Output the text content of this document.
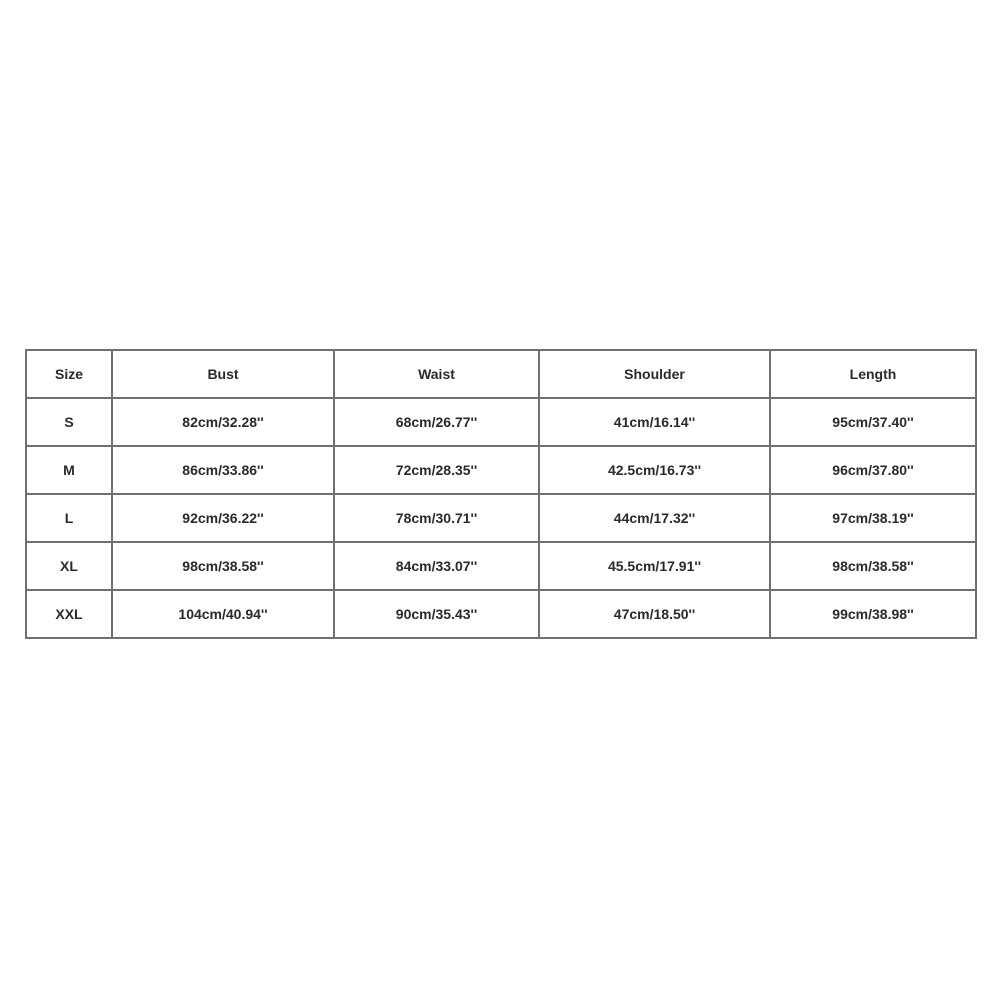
Size	Bust	Waist	Shoulder	Length
S	82cm/32.28''	68cm/26.77''	41cm/16.14''	95cm/37.40''
M	86cm/33.86''	72cm/28.35''	42.5cm/16.73''	96cm/37.80''
L	92cm/36.22''	78cm/30.71''	44cm/17.32''	97cm/38.19''
XL	98cm/38.58''	84cm/33.07''	45.5cm/17.91''	98cm/38.58''
XXL	104cm/40.94''	90cm/35.43''	47cm/18.50''	99cm/38.98''
